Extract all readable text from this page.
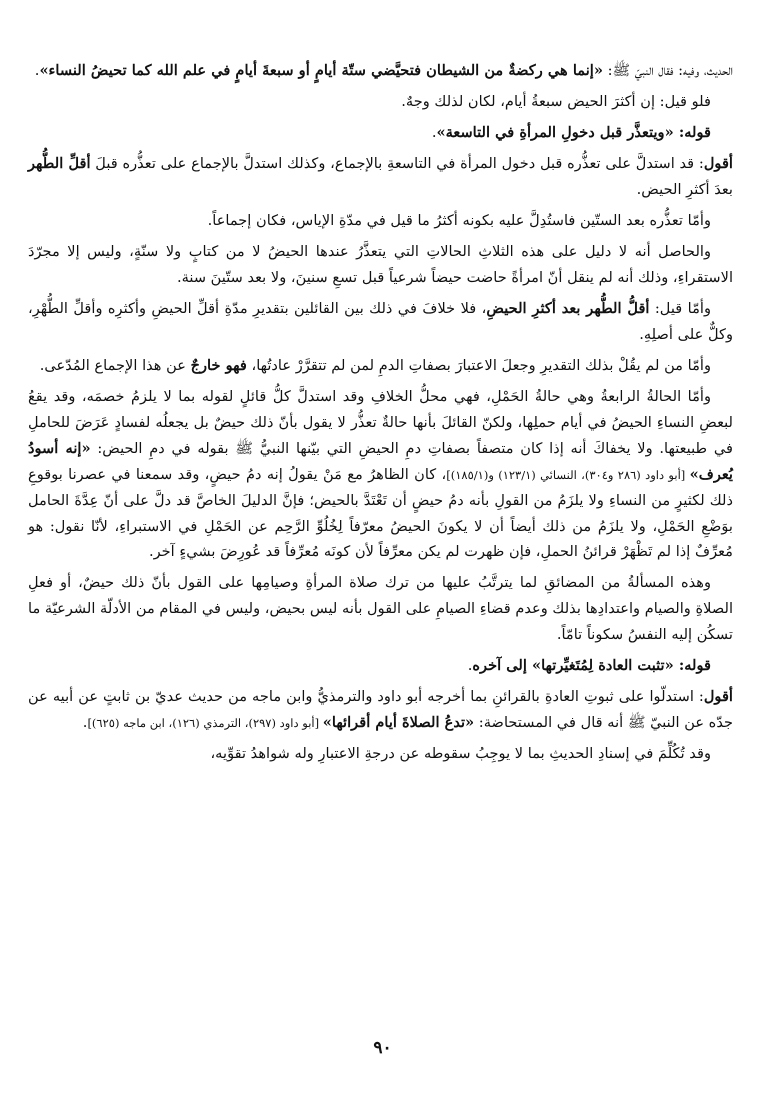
الحديث، وفيه: فقال النبيّ ﷺ: «إنما هي ركضةٌ من الشيطان فتحيَّضي ستّة أيامٍ أو سبعةَ أيامٍ في علم الله كما تحيضُ النساء».

فلو قيل: إن أكثرَ الحيض سبعةُ أيام، لكان لذلك وجهٌ.

قوله: «ويتعذَّر قبل دخولِ المرأةِ في التاسعة».

أقول: قد استدلَّ على تعذُّره قبل دخول المرأة في التاسعةِ بالإجماع، وكذلك استدلَّ بالإجماع على تعذُّره قبلَ أقلِّ الطُّهر بعدَ أكثرِ الحيض.

وأمّا تعذُّره بعد الستّين فاستُدِلَّ عليه بكونه أكثرُ ما قيل في مدّةِ الإياس، فكان إجماعاً.

والحاصل أنه لا دليل على هذه الثلاثِ الحالاتِ التي يتعذَّرُ عندها الحيضُ لا من كتابٍ ولا سنّةٍ، وليس إلا مجرّدَ الاستقراءِ، وذلك أنه لم ينقل أنّ امرأةً حاضت حيضاً شرعياً قبل تسعِ سنينَ، ولا بعد ستّينَ سنة.

وأمّا قيل: أقلُّ الطُّهر بعد أكثرِ الحيضِ، فلا خلافَ في ذلك بين القائلين بتقديرِ مدّةِ أقلِّ الحيضِ وأكثرِه وأقلِّ الطُّهْرِ، وكلٌّ على أصلِهِ.

وأمّا من لم يقُلْ بذلك التقديرِ وجعلَ الاعتبارَ بصفاتِ الدمِ لمن لم تتقرَّرْ عادتُها، فهو خارجٌ عن هذا الإجماع المُدّعى.

وأمّا الحالةُ الرابعةُ وهي حالةُ الحَمْلِ، فهي محلُّ الخلافِ وقد استدلَّ كلُّ قائلٍ لقوله بما لا يلزمُ خصمَه، وقد يقعُ لبعضِ النساءِ الحيضُ في أيام حملِها، ولكنّ القائلَ بأنها حالةٌ تعذُّر لا يقول بأنّ ذلك حيضٌ بل يجعلُه لفسادٍ عَرَضَ للحاملِ في طبيعتها. ولا يخفاكَ أنه إذا كان متصفاً بصفاتِ دمِ الحيضِ التي بيّنها النبيُّ ﷺ بقوله في دمِ الحيض: «إنه أسودُ يُعرف» [أبو داود (٢٨٦ و٣٠٤)، النسائي (١٢٣/١) و(١٨٥/١)]، كان الظاهرُ مع مَنْ يقولُ إنه دمُ حيضٍ، وقد سمعنا في عصرنا بوقوعِ ذلك لكثيرٍ من النساءِ ولا يلزَمُ من القولِ بأنه دمُ حيضٍ أن تَعْتَدَّ بالحيض؛ فإنَّ الدليلَ الخاصَّ قد دلَّ على أنّ عِدَّةَ الحامل بوَضْعِ الحَمْلِ، ولا يلزَمُ من ذلك أيضاً أن لا يكونَ الحيضُ معرّفاً لِخُلُوِّ الرَّحِم عن الحَمْلِ في الاستبراءِ، لأنّا نقول: هو مُعرِّفٌ إذا لم تَظْهَرْ قرائنُ الحملِ، فإن ظهرت لم يكن معرِّفاً لأن كونَه مُعرِّفاً قد عُورِضَ بشيءٍ آخر.

وهذه المسألةُ من المضائقِ لما يترتَّبُ عليها من ترك صلاة المرأةِ وصيامِها على القول بأنّ ذلك حيضٌ، أو فعلِ الصلاةِ والصيام واعتدادِها بذلك وعدم قضاءِ الصيامِ على القول بأنه ليس بحيض، وليس في المقام من الأدلّة الشرعيّة ما تسكُن إليه النفسُ سكوناً تامّاً.

قوله: «تثبت العادة لِمُتَغيِّرتها» إلى آخره.

أقول: استدلّوا على ثبوتِ العادةِ بالقرائنِ بما أخرجه أبو داود والترمذيُّ وابن ماجه من حديث عديّ بن ثابتٍ عن أبيه عن جدّه عن النبيّ ﷺ أنه قال في المستحاضة: «تدعُ الصلاةَ أيام أقرائها» [أبو داود (٢٩٧)، الترمذي (١٢٦)، ابن ماجه (٦٢٥)].

وقد تُكُلِّمَ في إسنادِ الحديثِ بما لا يوجِبُ سقوطه عن درجةِ الاعتبارِ وله شواهدُ تقوِّيه،

٩٠
